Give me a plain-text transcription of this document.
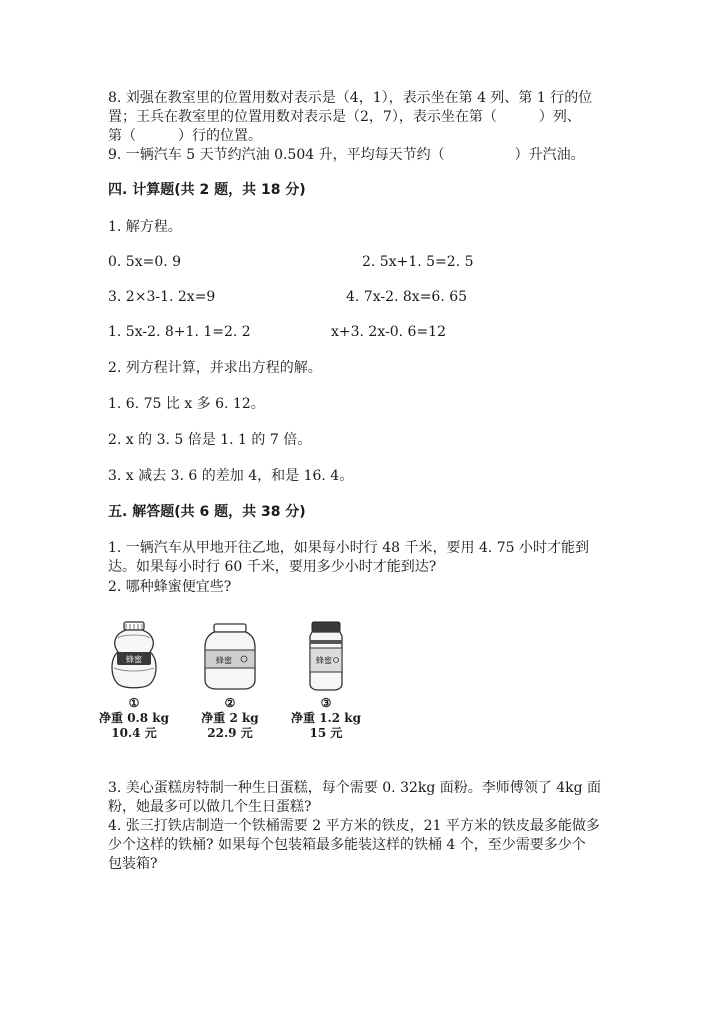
8. 刘强在教室里的位置用数对表示是（4，1），表示坐在第 4 列、第 1 行的位
置；王兵在教室里的位置用数对表示是（2，7），表示坐在第（　　　）列、
第（　　　）行的位置。
9. 一辆汽车 5 天节约汽油 0.504 升，平均每天节约（　　　　　）升汽油。
四. 计算题(共 2 题，共 18 分)
1. 解方程。
0. 5x=0. 9	2. 5x+1. 5=2. 5
3. 2×3-1. 2x=9	4. 7x-2. 8x=6. 65
1. 5x-2. 8+1. 1=2. 2	x+3. 2x-0. 6=12
2. 列方程计算，并求出方程的解。
1. 6. 75 比 x 多 6. 12。
2. x 的 3. 5 倍是 1. 1 的 7 倍。
3. x 减去 3. 6 的差加 4，和是 16. 4。
五. 解答题(共 6 题，共 38 分)
1. 一辆汽车从甲地开往乙地，如果每小时行 48 千米，要用 4. 75 小时才能到
达。如果每小时行 60 千米，要用多少小时才能到达?
2. 哪种蜂蜜便宜些?
蜂蜜	蜂蜜	蜂蜜
①
净重 0.8 kg
10.4 元
②
净重 2 kg
22.9 元
③
净重 1.2 kg
15 元
3. 美心蛋糕房特制一种生日蛋糕，每个需要 0. 32kg 面粉。李师傅领了 4kg 面
粉，她最多可以做几个生日蛋糕?
4. 张三打铁店制造一个铁桶需要 2 平方米的铁皮，21 平方米的铁皮最多能做多
少个这样的铁桶? 如果每个包装箱最多能装这样的铁桶 4 个，至少需要多少个
包装箱?
